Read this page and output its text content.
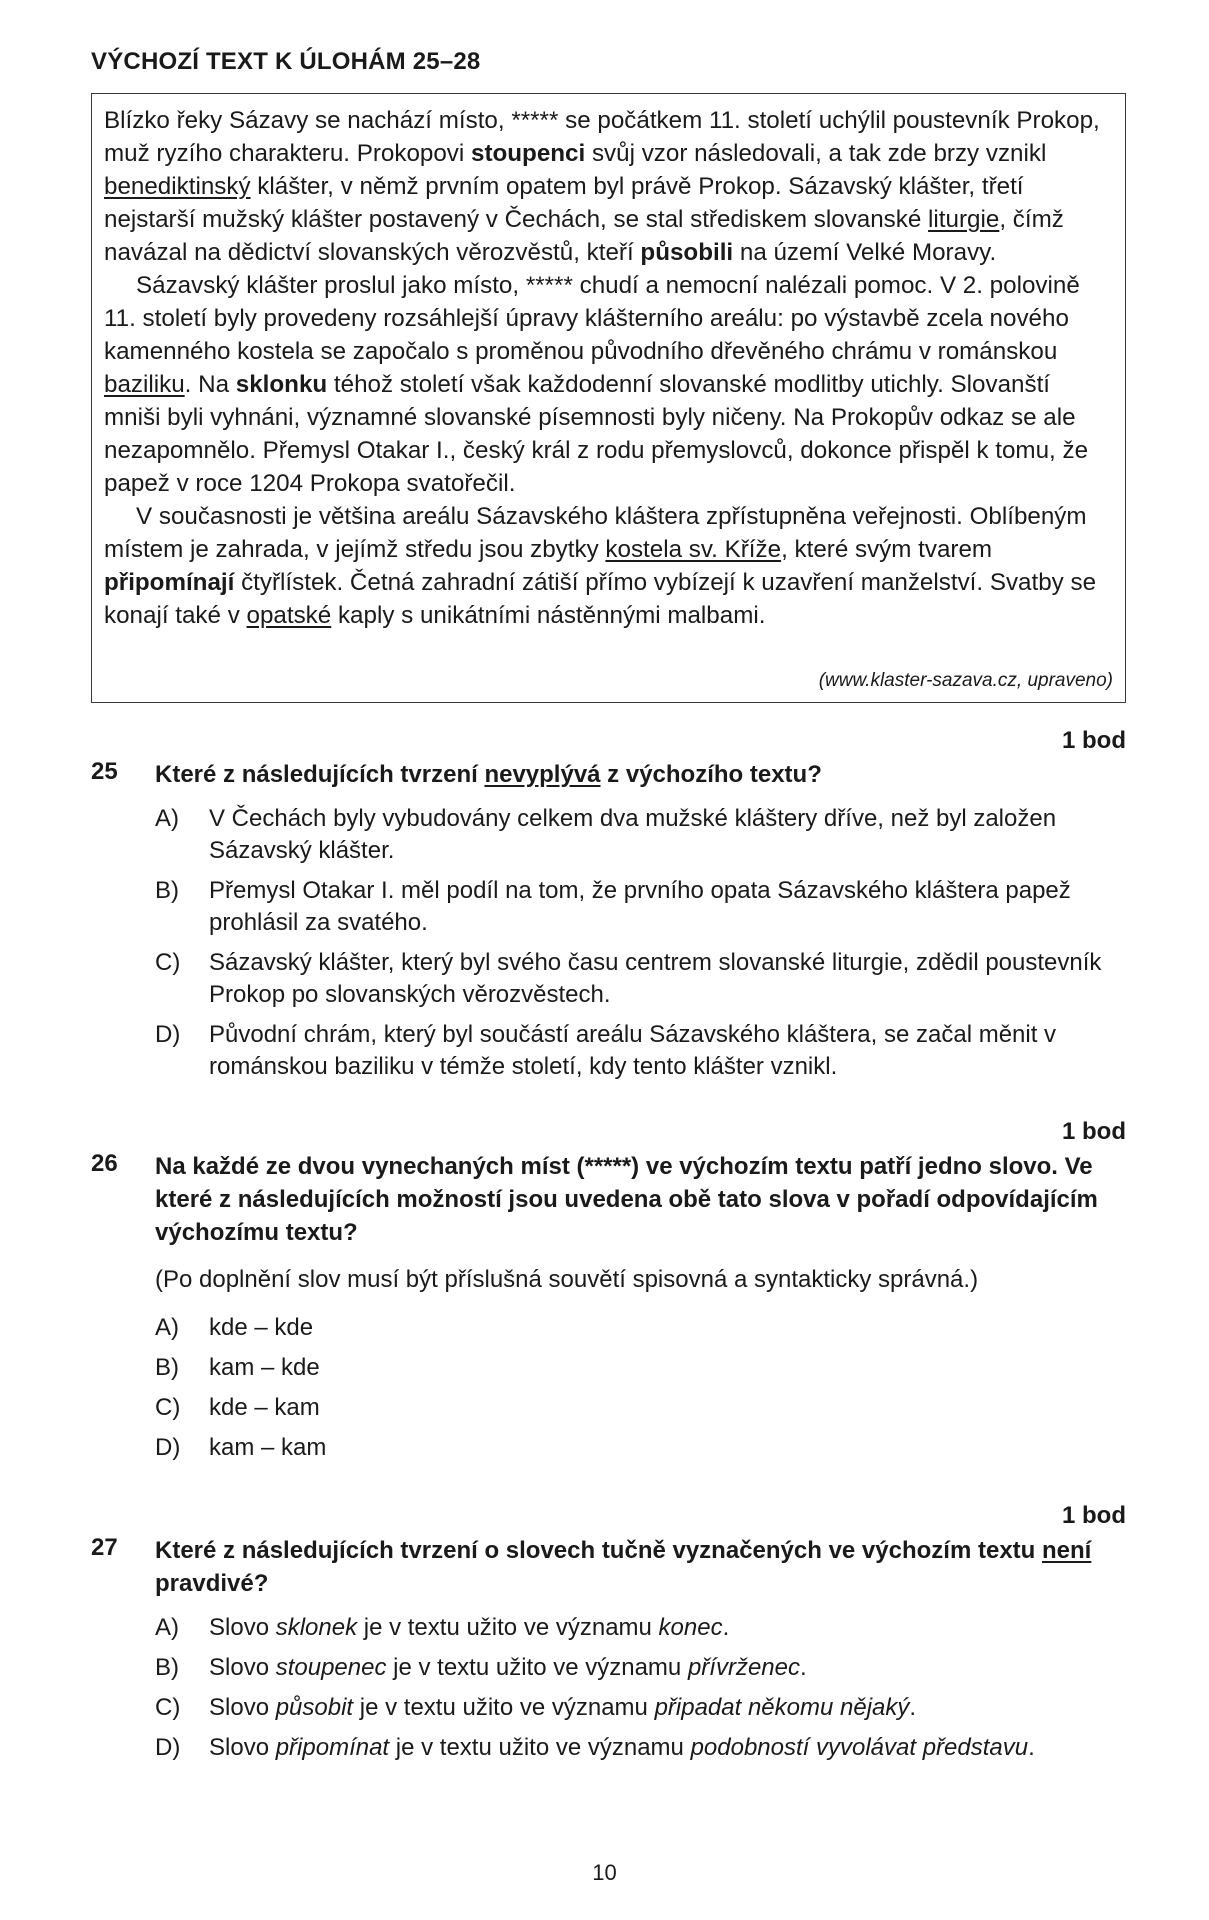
VÝCHOZÍ TEXT K ÚLOHÁM 25–28

Blízko řeky Sázavy se nachází místo, ***** se počátkem 11. století uchýlil poustevník Prokop, muž ryzího charakteru. Prokopovi stoupenci svůj vzor následovali, a tak zde brzy vznikl benediktinský klášter, v němž prvním opatem byl právě Prokop. Sázavský klášter, třetí nejstarší mužský klášter postavený v Čechách, se stal střediskem slovanské liturgie, čímž navázal na dědictví slovanských věrozvěstů, kteří působili na území Velké Moravy.

Sázavský klášter proslul jako místo, ***** chudí a nemocní nalézali pomoc. V 2. polovině 11. století byly provedeny rozsáhlejší úpravy klášterního areálu: po výstavbě zcela nového kamenného kostela se započalo s proměnou původního dřevěného chrámu v románskou baziliku. Na sklonku téhož století však každodenní slovanské modlitby utichly. Slovanští mniši byli vyhnáni, významné slovanské písemnosti byly ničeny. Na Prokopův odkaz se ale nezapomnělo. Přemysl Otakar I., český král z rodu přemyslovců, dokonce přispěl k tomu, že papež v roce 1204 Prokopa svatořečil.

V současnosti je většina areálu Sázavského kláštera zpřístupněna veřejnosti. Oblíbeným místem je zahrada, v jejímž středu jsou zbytky kostela sv. Kříže, které svým tvarem připomínají čtyřlístek. Četná zahradní zátiší přímo vybízejí k uzavření manželství. Svatby se konají také v opatské kaply s unikátními nástěnnými malbami.

(www.klaster-sazava.cz, upraveno)
1 bod
25 Které z následujících tvrzení nevyplývá z výchozího textu?
A) V Čechách byly vybudovány celkem dva mužské kláštery dříve, než byl založen Sázavský klášter.
B) Přemysl Otakar I. měl podíl na tom, že prvního opata Sázavského kláštera papež prohlásil za svatého.
C) Sázavský klášter, který byl svého času centrem slovanské liturgie, zdědil poustevník Prokop po slovanských věrozvěstech.
D) Původní chrám, který byl součástí areálu Sázavského kláštera, se začal měnit v románskou baziliku v témže století, kdy tento klášter vznikl.
1 bod
26 Na každé ze dvou vynechaných míst (*****) ve výchozím textu patří jedno slovo. Ve které z následujících možností jsou uvedena obě tato slova v pořadí odpovídajícím výchozímu textu?
(Po doplnění slov musí být příslušná souvětí spisovná a syntakticky správná.)
A) kde – kde
B) kam – kde
C) kde – kam
D) kam – kam
1 bod
27 Které z následujících tvrzení o slovech tučně vyznačených ve výchozím textu není pravdivé?
A) Slovo sklonek je v textu užito ve významu konec.
B) Slovo stoupenec je v textu užito ve významu přívrženec.
C) Slovo působit je v textu užito ve významu připadat někomu nějaký.
D) Slovo připomínat je v textu užito ve významu podobností vyvolávat představu.
10
